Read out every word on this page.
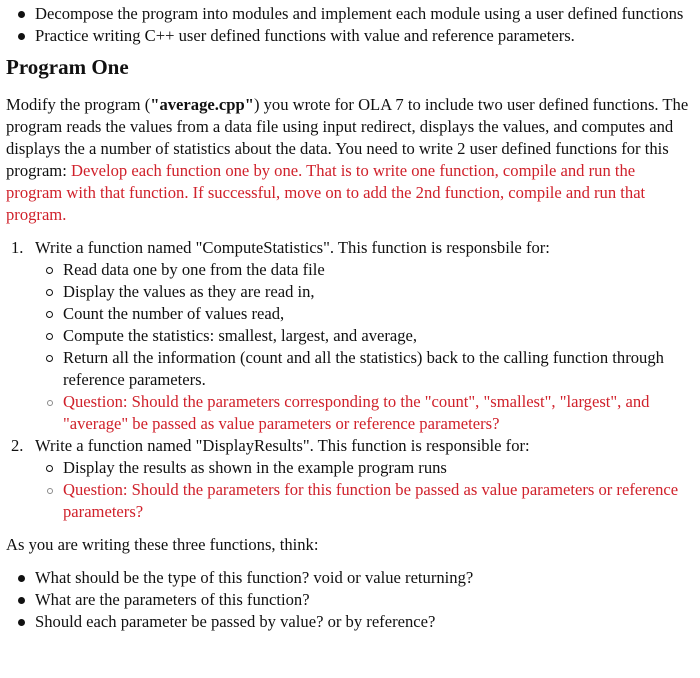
Decompose the program into modules and implement each module using a user defined functions
Practice writing C++ user defined functions with value and reference parameters.
Program One

Modify the program ("average.cpp") you wrote for OLA 7 to include two user defined functions. The program reads the values from a data file using input redirect, displays the values, and computes and displays the a number of statistics about the data. You need to write 2 user defined functions for this program: Develop each function one by one. That is to write one function, compile and run the program with that function. If successful, move on to add the 2nd function, compile and run that program.

1. Write a function named "ComputeStatistics". This function is responsbile for:
Read data one by one from the data file
Display the values as they are read in,
Count the number of values read,
Compute the statistics: smallest, largest, and average,
Return all the information (count and all the statistics) back to the calling function through reference parameters.
Question: Should the parameters corresponding to the "count", "smallest", "largest", and "average" be passed as value parameters or reference parameters?
2. Write a function named "DisplayResults". This function is responsible for:
Display the results as shown in the example program runs
Question: Should the parameters for this function be passed as value parameters or reference parameters?

As you are writing these three functions, think:

What should be the type of this function? void or value returning?
What are the parameters of this function?
Should each parameter be passed by value? or by reference?
